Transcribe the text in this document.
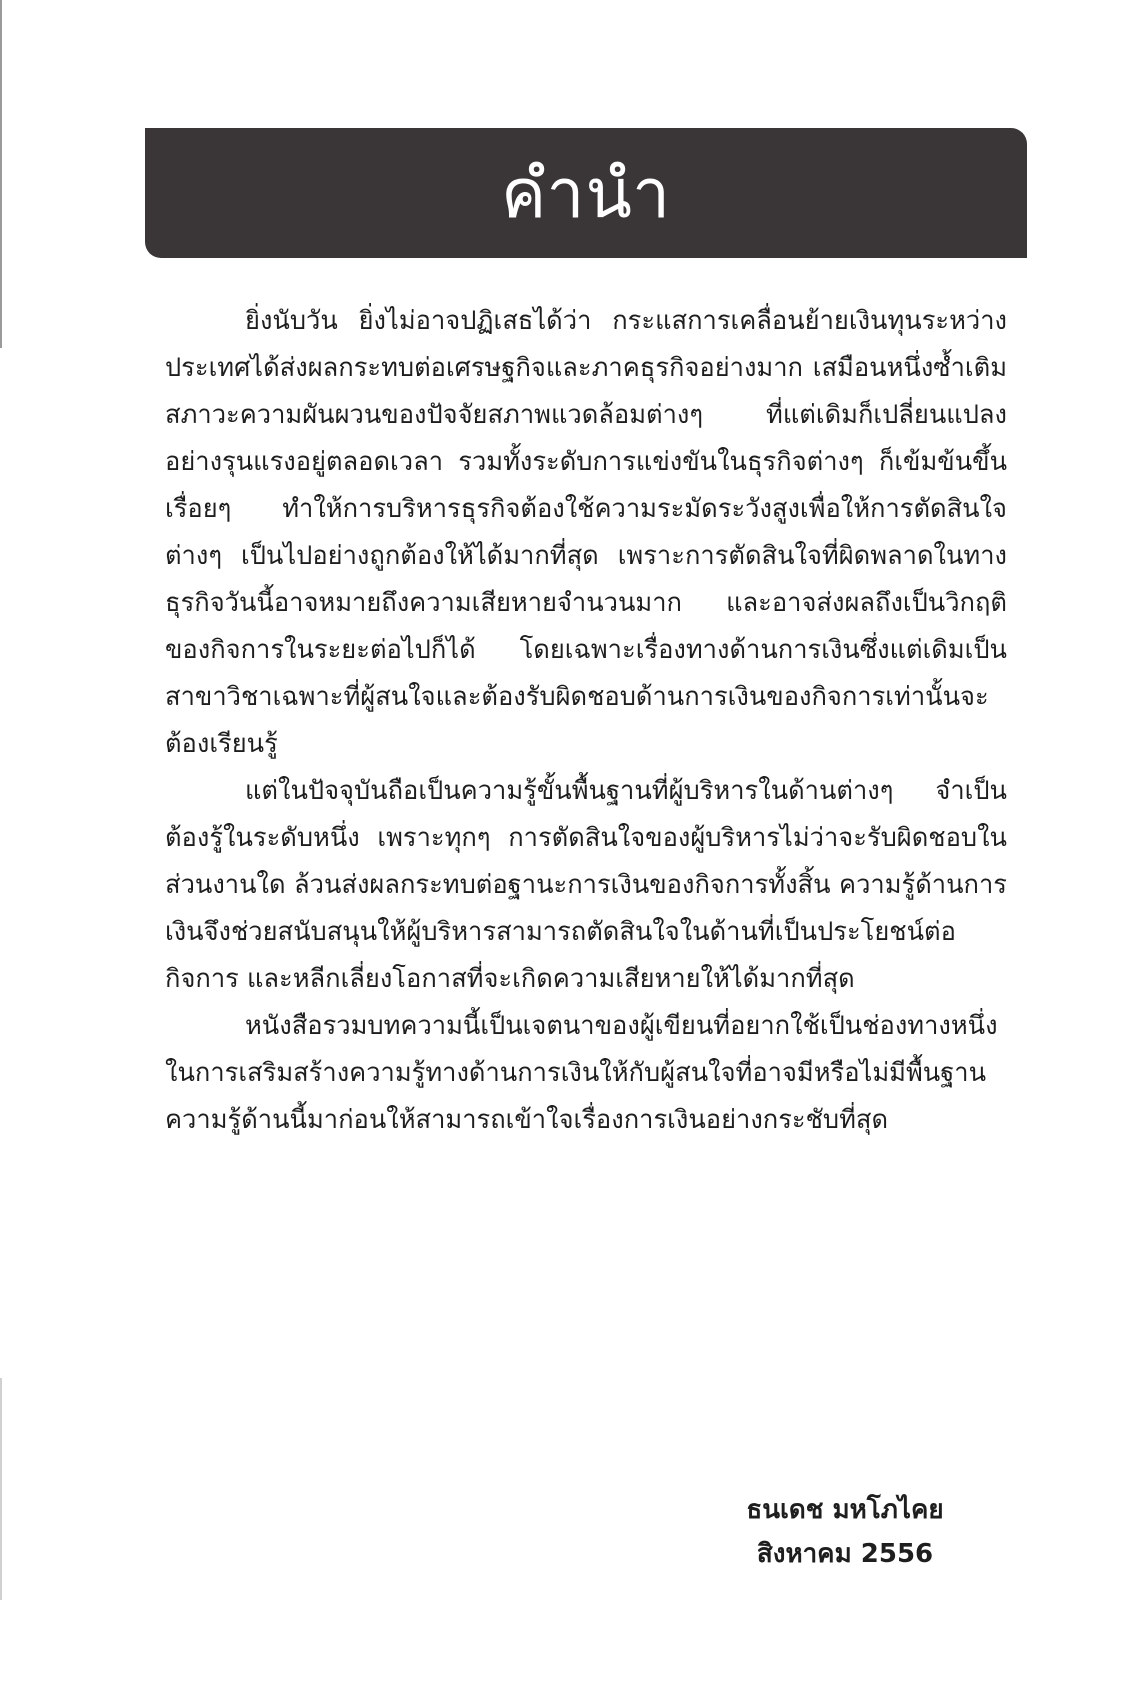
คำนำ

ยิ่งนับวัน ยิ่งไม่อาจปฏิเสธได้ว่า กระแสการเคลื่อนย้ายเงินทุนระหว่างประเทศได้ส่งผลกระทบต่อเศรษฐกิจและภาคธุรกิจอย่างมาก เสมือนหนึ่งซ้ำเติมสภาวะความผันผวนของปัจจัยสภาพแวดล้อมต่างๆ ที่แต่เดิมก็เปลี่ยนแปลงอย่างรุนแรงอยู่ตลอดเวลา รวมทั้งระดับการแข่งขันในธุรกิจต่างๆ ก็เข้มข้นขึ้นเรื่อยๆ ทำให้การบริหารธุรกิจต้องใช้ความระมัดระวังสูงเพื่อให้การตัดสินใจต่างๆ เป็นไปอย่างถูกต้องให้ได้มากที่สุด เพราะการตัดสินใจที่ผิดพลาดในทางธุรกิจวันนี้อาจหมายถึงความเสียหายจำนวนมาก และอาจส่งผลถึงเป็นวิกฤติของกิจการในระยะต่อไปก็ได้ โดยเฉพาะเรื่องทางด้านการเงินซึ่งแต่เดิมเป็นสาขาวิชาเฉพาะที่ผู้สนใจและต้องรับผิดชอบด้านการเงินของกิจการเท่านั้นจะต้องเรียนรู้

แต่ในปัจจุบันถือเป็นความรู้ขั้นพื้นฐานที่ผู้บริหารในด้านต่างๆ จำเป็นต้องรู้ในระดับหนึ่ง เพราะทุกๆ การตัดสินใจของผู้บริหารไม่ว่าจะรับผิดชอบในส่วนงานใด ล้วนส่งผลกระทบต่อฐานะการเงินของกิจการทั้งสิ้น ความรู้ด้านการเงินจึงช่วยสนับสนุนให้ผู้บริหารสามารถตัดสินใจในด้านที่เป็นประโยชน์ต่อกิจการ และหลีกเลี่ยงโอกาสที่จะเกิดความเสียหายให้ได้มากที่สุด

หนังสือรวมบทความนี้เป็นเจตนาของผู้เขียนที่อยากใช้เป็นช่องทางหนึ่งในการเสริมสร้างความรู้ทางด้านการเงินให้กับผู้สนใจที่อาจมีหรือไม่มีพื้นฐานความรู้ด้านนี้มาก่อนให้สามารถเข้าใจเรื่องการเงินอย่างกระชับที่สุด

ธนเดช มหโภไคย
สิงหาคม 2556
